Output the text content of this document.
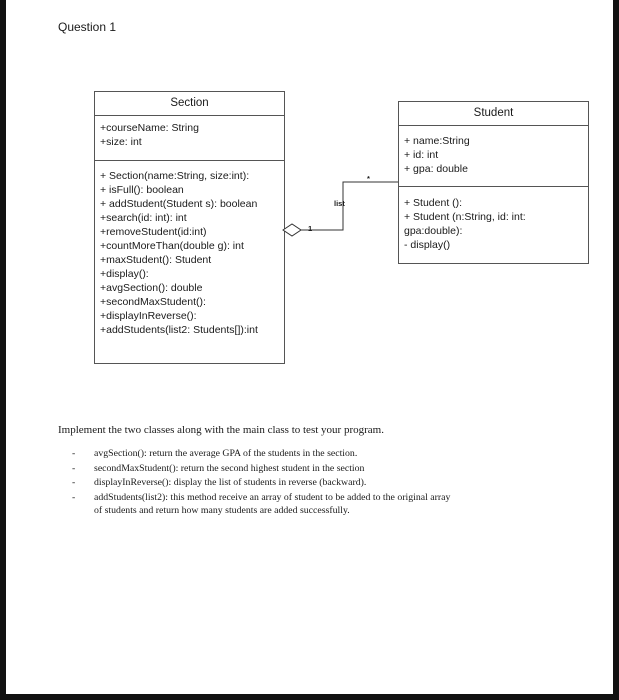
Question 1
Section
+courseName: String
+size: int
+ Section(name:String, size:int):
+ isFull(): boolean
+ addStudent(Student s): boolean
+search(id: int): int
+removeStudent(id:int)
+countMoreThan(double g): int
+maxStudent(): Student
+display():
+avgSection(): double
+secondMaxStudent():
+displayInReverse():
+addStudents(list2: Students[]):int
Student
+ name:String
+ id: int
+ gpa: double
+ Student ():
+ Student (n:String, id: int:
gpa:double):
- display()
list
1
*
Implement the two classes along with the main class to test your program.
- avgSection(): return the average GPA of the students in the section.
- secondMaxStudent(): return the second highest student in the section
- displayInReverse(): display the list of students in reverse (backward).
- addStudents(list2): this method receive an array of student to be added to the original array
of students and return how many students are added successfully.
